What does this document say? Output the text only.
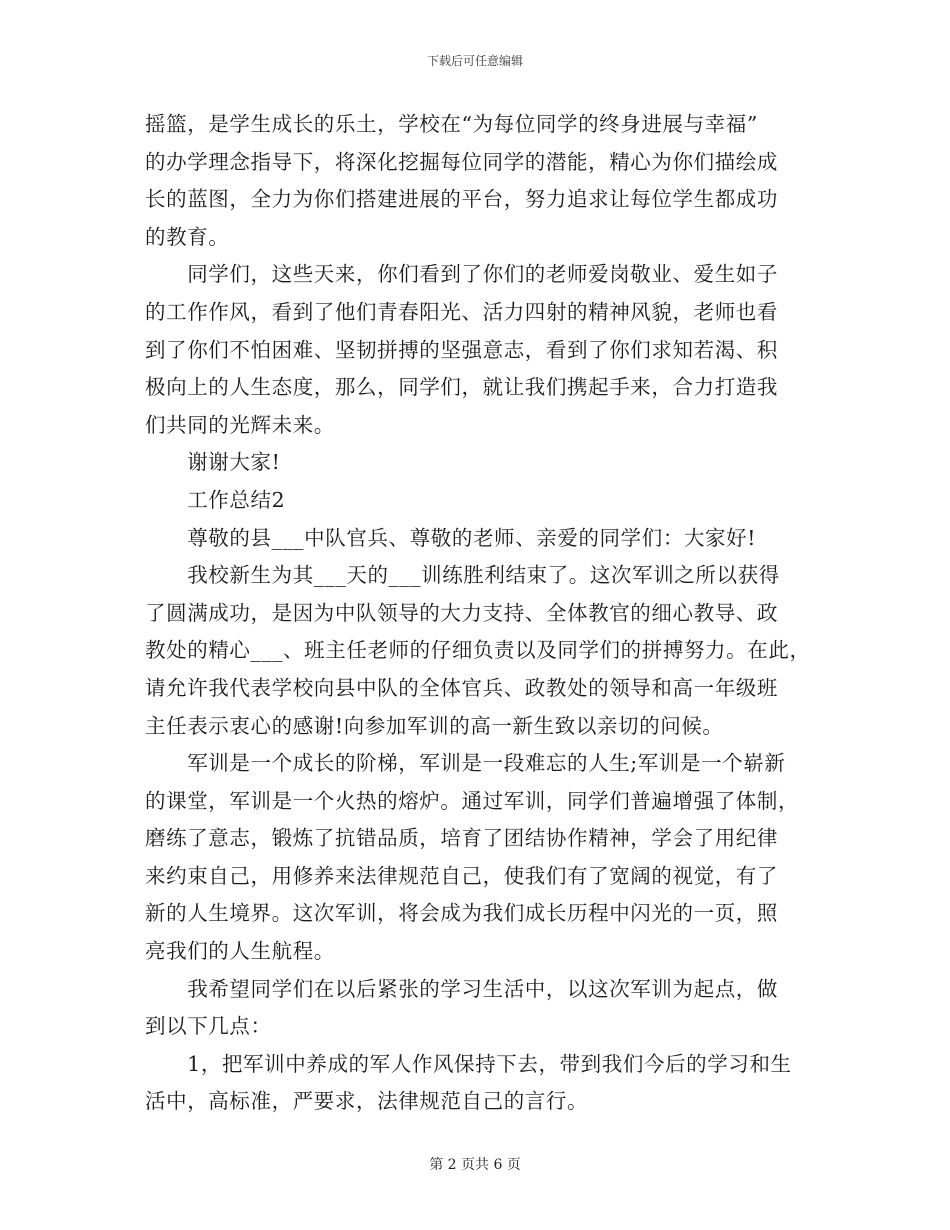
下载后可任意编辑
摇篮，是学生成长的乐土，学校在“为每位同学的终身进展与幸福”
的办学理念指导下，将深化挖掘每位同学的潜能，精心为你们描绘成
长的蓝图，全力为你们搭建进展的平台，努力追求让每位学生都成功
的教育。
　　同学们，这些天来，你们看到了你们的老师爱岗敬业、爱生如子
的工作作风，看到了他们青春阳光、活力四射的精神风貌，老师也看
到了你们不怕困难、坚韧拼搏的坚强意志，看到了你们求知若渴、积
极向上的人生态度，那么，同学们，就让我们携起手来，合力打造我
们共同的光辉未来。
　　谢谢大家!
　　工作总结2
　　尊敬的县___中队官兵、尊敬的老师、亲爱的同学们：大家好!
　　我校新生为其___天的___训练胜利结束了。这次军训之所以获得
了圆满成功，是因为中队领导的大力支持、全体教官的细心教导、政
教处的精心___、班主任老师的仔细负责以及同学们的拼搏努力。在此，
请允许我代表学校向县中队的全体官兵、政教处的领导和高一年级班
主任表示衷心的感谢!向参加军训的高一新生致以亲切的问候。
　　军训是一个成长的阶梯，军训是一段难忘的人生;军训是一个崭新
的课堂，军训是一个火热的熔炉。通过军训，同学们普遍增强了体制，
磨练了意志，锻炼了抗错品质，培育了团结协作精神，学会了用纪律
来约束自己，用修养来法律规范自己，使我们有了宽阔的视觉，有了
新的人生境界。这次军训，将会成为我们成长历程中闪光的一页，照
亮我们的人生航程。
　　我希望同学们在以后紧张的学习生活中，以这次军训为起点，做
到以下几点：
　　1，把军训中养成的军人作风保持下去，带到我们今后的学习和生
活中，高标准，严要求，法律规范自己的言行。
第 2 页共 6 页
